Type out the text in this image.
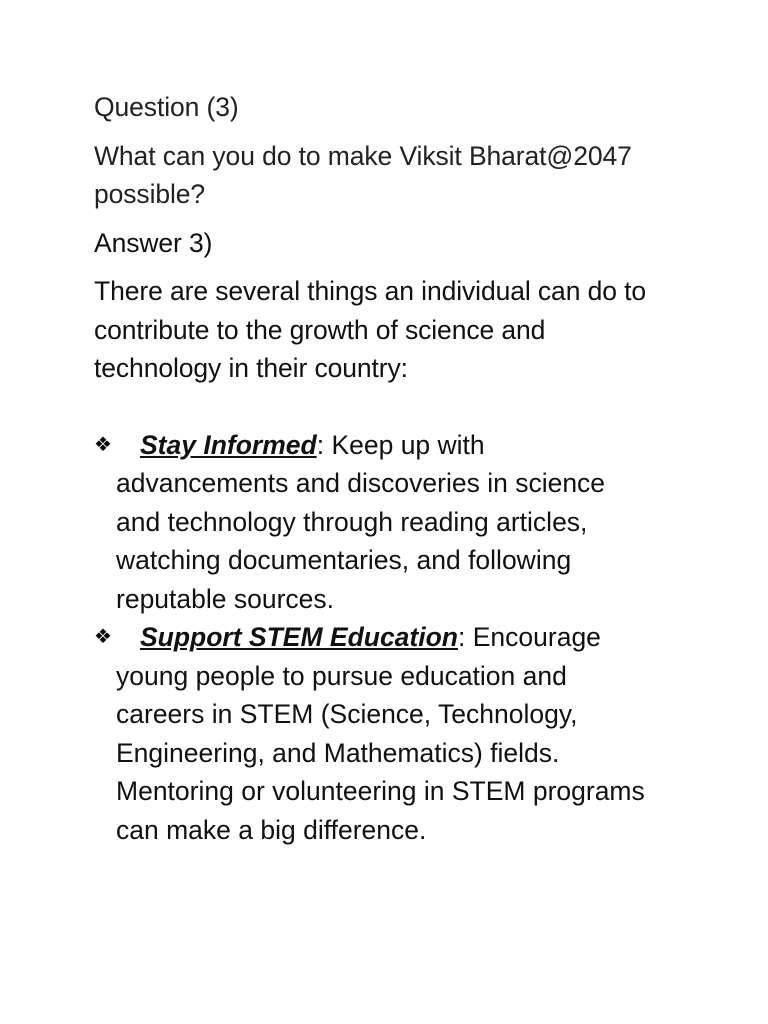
Question (3)

What can you do to make Viksit Bharat@2047 possible?

Answer 3)

There are several things an individual can do to contribute to the growth of science and technology in their country:

❖	Stay Informed: Keep up with advancements and discoveries in science and technology through reading articles, watching documentaries, and following reputable sources.
❖	Support STEM Education: Encourage young people to pursue education and careers in STEM (Science, Technology, Engineering, and Mathematics) fields. Mentoring or volunteering in STEM programs can make a big difference.
